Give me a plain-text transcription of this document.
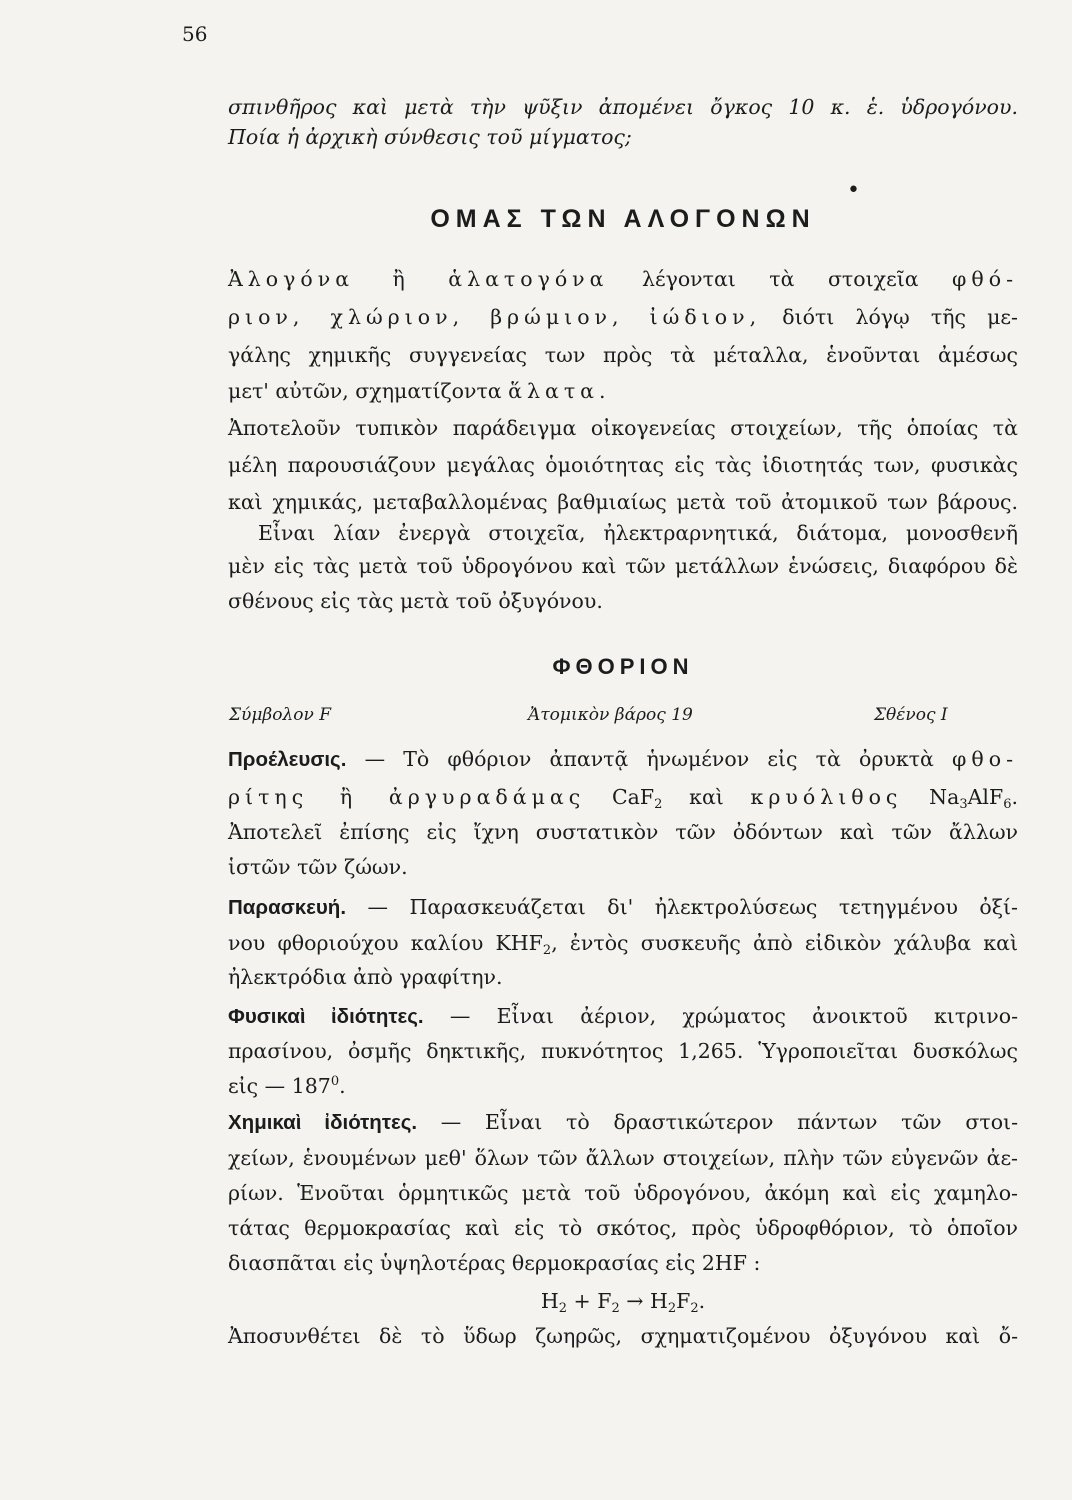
56
σπινθῆρος καὶ μετὰ τὴν ψῦξιν ἀπομένει ὄγκος 10 κ. ἑ. ὑδρογόνου.
Ποία ἡ ἀρχικὴ σύνθεσις τοῦ μίγματος;
•
ΟΜΑΣ ΤΩΝ ΑΛΟΓΟΝΩΝ
Ἀλογόνα ἢ ἁλατογόνα λέγονται τὰ στοιχεῖα φθό-
ριον, χλώριον, βρώμιον, ἰώδιον, διότι λόγῳ τῆς με-
γάλης χημικῆς συγγενείας των πρὸς τὰ μέταλλα, ἑνοῦνται ἀμέσως
μετ' αὐτῶν, σχηματίζοντα ἅλατα.
Ἀποτελοῦν τυπικὸν παράδειγμα οἰκογενείας στοιχείων, τῆς ὁποίας τὰ
μέλη παρουσιάζουν μεγάλας ὁμοιότητας εἰς τὰς ἰδιοτητάς των, φυσικὰς
καὶ χημικάς, μεταβαλλομένας βαθμιαίως μετὰ τοῦ ἀτομικοῦ των βάρους.
Εἶναι λίαν ἐνεργὰ στοιχεῖα, ἠλεκτραρνητικά, διάτομα, μονοσθενῆ
μὲν εἰς τὰς μετὰ τοῦ ὑδρογόνου καὶ τῶν μετάλλων ἑνώσεις, διαφόρου δὲ
σθένους εἰς τὰς μετὰ τοῦ ὀξυγόνου.
ΦΘΟΡΙΟΝ
Σύμβολον F	Ἀτομικὸν βάρος 19	Σθένος I
Προέλευσις. — Τὸ φθόριον ἀπαντᾷ ἡνωμένον εἰς τὰ ὀρυκτὰ φθο-
ρίτης ἢ ἀργυραδάμας CaF$_2$ καὶ κρυόλιθος $Na_3AlF_6$.
Ἀποτελεῖ ἐπίσης εἰς ἴχνη συστατικὸν τῶν ὀδόντων καὶ τῶν ἄλλων
ἱστῶν τῶν ζώων.
Παρασκευή. — Παρασκευάζεται δι' ἠλεκτρολύσεως τετηγμένου ὀξί-
νου φθοριούχου καλίου $KHF_2$, ἐντὸς συσκευῆς ἀπὸ εἰδικὸν χάλυβα καὶ
ἠλεκτρόδια ἀπὸ γραφίτην.
Φυσικαὶ ἰδιότητες. — Εἶναι ἀέριον, χρώματος ἀνοικτοῦ κιτρινο-
πρασίνου, ὀσμῆς δηκτικῆς, πυκνότητος 1,265. Ὑγροποιεῖται δυσκόλως
εἰς — $187^0$.
Χημικαὶ ἰδιότητες. — Εἶναι τὸ δραστικώτερον πάντων τῶν στοι-
χείων, ἑνουμένων μεθ' ὅλων τῶν ἄλλων στοιχείων, πλὴν τῶν εὐγενῶν ἀε-
ρίων. Ἑνοῦται ὁρμητικῶς μετὰ τοῦ ὑδρογόνου, ἀκόμη καὶ εἰς χαμηλο-
τάτας θερμοκρασίας καὶ εἰς τὸ σκότος, πρὸς ὑδροφθόριον, τὸ ὁποῖον
διασπᾶται εἰς ὑψηλοτέρας θερμοκρασίας εἰς 2HF :
$H_2 + F_2 \to H_2F_2$.
Ἀποσυνθέτει δὲ τὸ ὕδωρ ζωηρῶς, σχηματιζομένου ὀξυγόνου καὶ ὄ-
